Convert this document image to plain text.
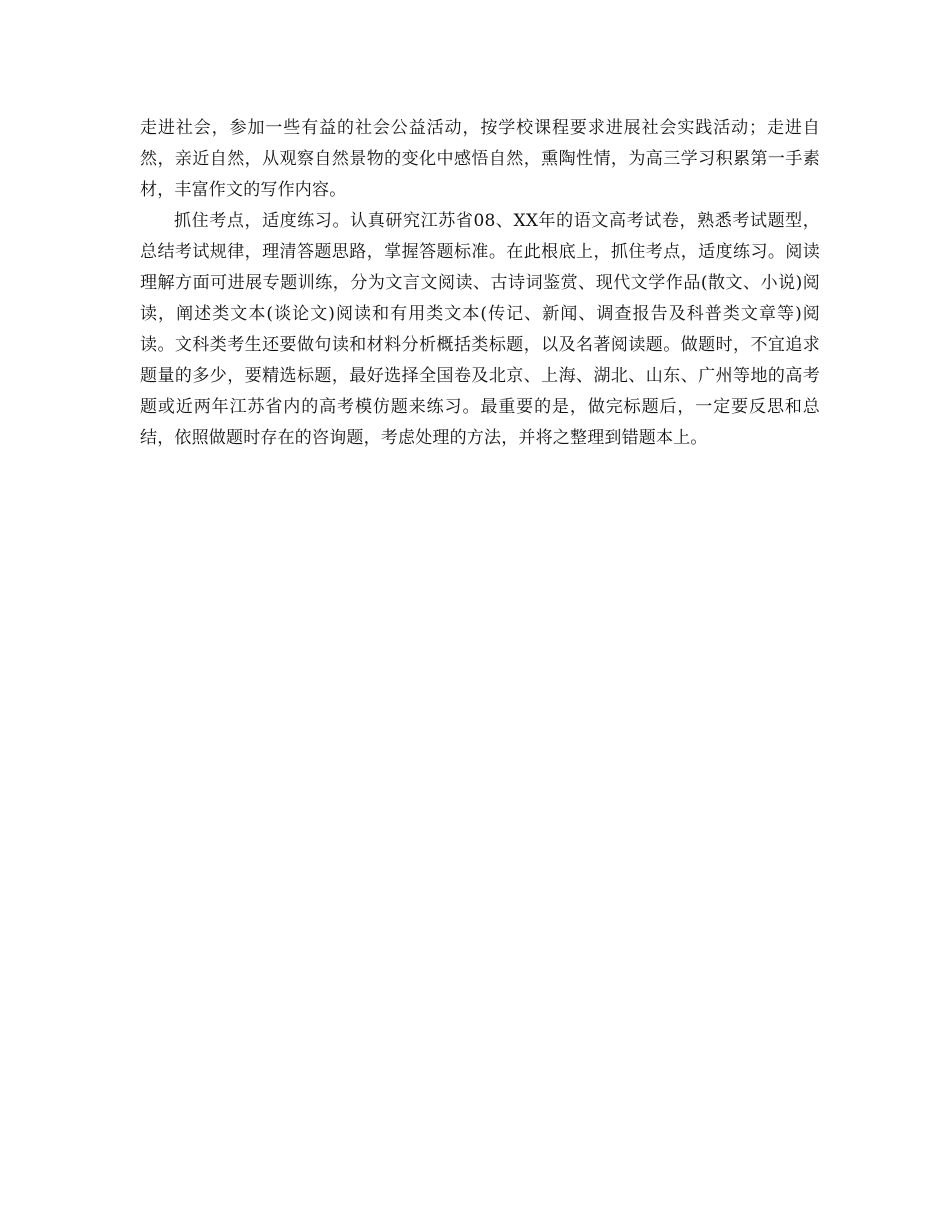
走进社会，参加一些有益的社会公益活动，按学校课程要求进展社会实践活动；走进自然，亲近自然，从观察自然景物的变化中感悟自然，熏陶性情，为高三学习积累第一手素材，丰富作文的写作内容。

抓住考点，适度练习。认真研究江苏省08、XX年的语文高考试卷，熟悉考试题型，总结考试规律，理清答题思路，掌握答题标准。在此根底上，抓住考点，适度练习。阅读理解方面可进展专题训练，分为文言文阅读、古诗词鉴赏、现代文学作品(散文、小说)阅读，阐述类文本(谈论文)阅读和有用类文本(传记、新闻、调查报告及科普类文章等)阅读。文科类考生还要做句读和材料分析概括类标题，以及名著阅读题。做题时，不宜追求题量的多少，要精选标题，最好选择全国卷及北京、上海、湖北、山东、广州等地的高考题或近两年江苏省内的高考模仿题来练习。最重要的是，做完标题后，一定要反思和总结，依照做题时存在的咨询题，考虑处理的方法，并将之整理到错题本上。
